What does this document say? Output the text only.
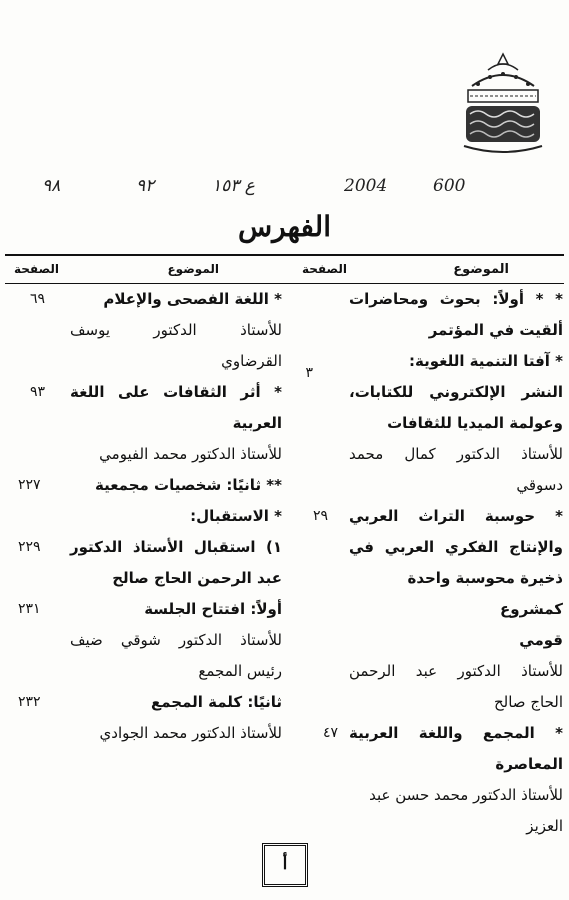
600
2004
ع ١٥٣
٩٢
٩٨
الفهرس
الموضوع
الصفحة
الموضوع
الصفحة
* * أولاً: بحوث ومحاضرات
ألقيت في المؤتمر
* آفتا التنمية اللغوية:
النشر الإلكتروني للكتابات،
وعولمة الميديا للثقافات
٣
للأستاذ الدكتور كمال محمد
دسوقي
* حوسبة التراث العربي
والإنتاج الفكري العربي في
ذخيرة محوسبة واحدة كمشروع
قومي
٢٩
للأستاذ الدكتور عبد الرحمن
الحاج صالح
* المجمع واللغة العربية
المعاصرة
٤٧
للأستاذ الدكتور محمد حسن عبد
العزيز
* اللغة الفصحى والإعلام
٦٩
للأستاذ الدكتور يوسف
القرضاوي
* أثر الثقافات على اللغة
العربية
٩٣
للأستاذ الدكتور محمد الفيومي
** ثانيًا: شخصيات مجمعية
٢٢٧
* الاستقبال:
١) استقبال الأستاذ الدكتور
عبد الرحمن الحاج صالح
٢٢٩
أولاً: افتتاح الجلسة
٢٣١
للأستاذ الدكتور شوقي ضيف
رئيس المجمع
ثانيًا: كلمة المجمع
٢٣٢
للأستاذ الدكتور محمد الجوادي
أ
